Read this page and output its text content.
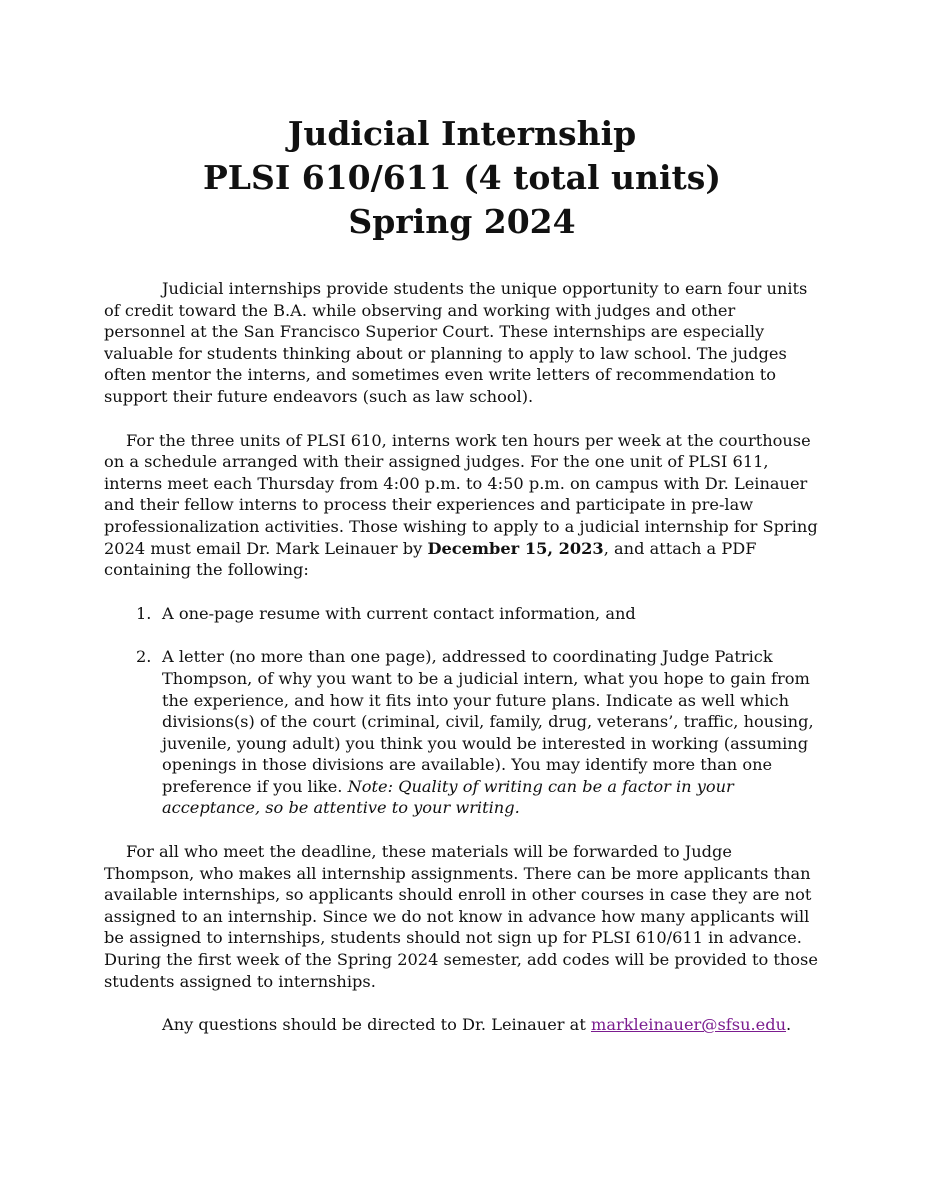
Judicial Internship
PLSI 610/611 (4 total units)
Spring 2024

Judicial internships provide students the unique opportunity to earn four units of credit toward the B.A. while observing and working with judges and other personnel at the San Francisco Superior Court. These internships are especially valuable for students thinking about or planning to apply to law school. The judges often mentor the interns, and sometimes even write letters of recommendation to support their future endeavors (such as law school).

For the three units of PLSI 610, interns work ten hours per week at the courthouse on a schedule arranged with their assigned judges. For the one unit of PLSI 611, interns meet each Thursday from 4:00 p.m. to 4:50 p.m. on campus with Dr. Leinauer and their fellow interns to process their experiences and participate in pre-law professionalization activities. Those wishing to apply to a judicial internship for Spring 2024 must email Dr. Mark Leinauer by December 15, 2023, and attach a PDF containing the following:

1. A one-page resume with current contact information, and
2. A letter (no more than one page), addressed to coordinating Judge Patrick Thompson, of why you want to be a judicial intern, what you hope to gain from the experience, and how it fits into your future plans. Indicate as well which divisions(s) of the court (criminal, civil, family, drug, veterans’, traffic, housing, juvenile, young adult) you think you would be interested in working (assuming openings in those divisions are available). You may identify more than one preference if you like. Note: Quality of writing can be a factor in your acceptance, so be attentive to your writing.

For all who meet the deadline, these materials will be forwarded to Judge Thompson, who makes all internship assignments. There can be more applicants than available internships, so applicants should enroll in other courses in case they are not assigned to an internship. Since we do not know in advance how many applicants will be assigned to internships, students should not sign up for PLSI 610/611 in advance. During the first week of the Spring 2024 semester, add codes will be provided to those students assigned to internships.

Any questions should be directed to Dr. Leinauer at markleinauer@sfsu.edu.
